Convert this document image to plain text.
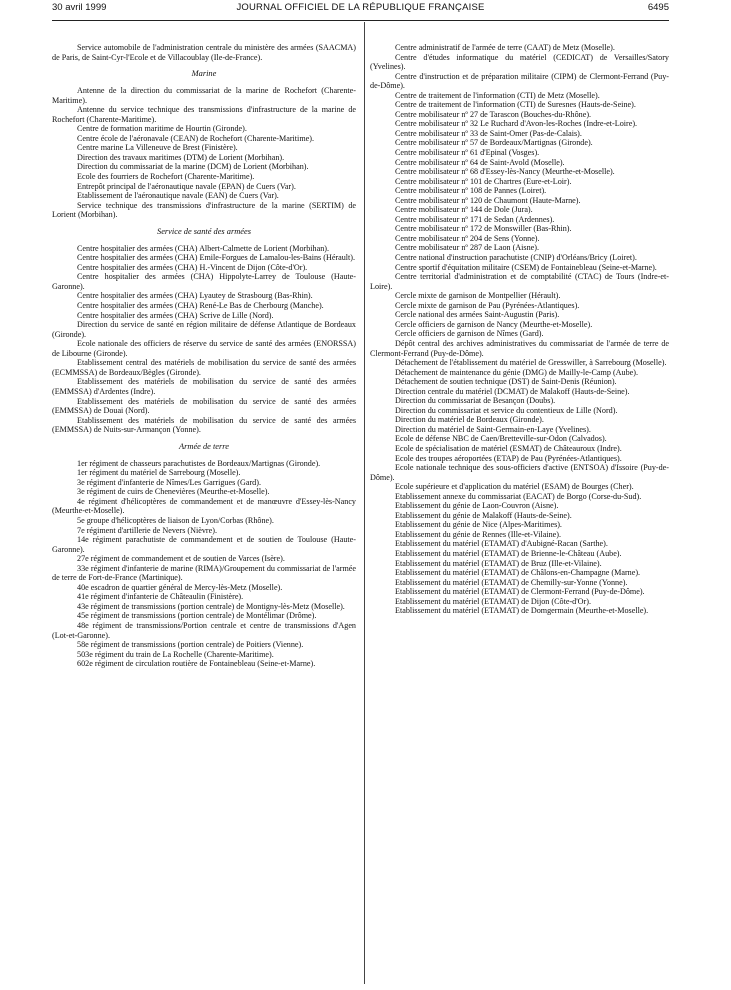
30 avril 1999	JOURNAL OFFICIEL DE LA RÉPUBLIQUE FRANÇAISE	6495

Service automobile de l'administration centrale du ministère des armées (SAACMA) de Paris, de Saint-Cyr-l'Ecole et de Villacoublay (Ile-de-France).

Marine

Antenne de la direction du commissariat de la marine de Rochefort (Charente-Maritime).

Antenne du service technique des transmissions d'infrastructure de la marine de Rochefort (Charente-Maritime).

Centre de formation maritime de Hourtin (Gironde).

Centre école de l'aéronavale (CEAN) de Rochefort (Charente-Maritime).

Centre marine La Villeneuve de Brest (Finistère).

Direction des travaux maritimes (DTM) de Lorient (Morbihan).

Direction du commissariat de la marine (DCM) de Lorient (Morbihan).

Ecole des fourriers de Rochefort (Charente-Maritime).

Entrepôt principal de l'aéronautique navale (EPAN) de Cuers (Var).

Etablissement de l'aéronautique navale (EAN) de Cuers (Var).

Service technique des transmissions d'infrastructure de la marine (SERTIM) de Lorient (Morbihan).

Service de santé des armées

Centre hospitalier des armées (CHA) Albert-Calmette de Lorient (Morbihan).

Centre hospitalier des armées (CHA) Emile-Forgues de Lamalou-les-Bains (Hérault).

Centre hospitalier des armées (CHA) H.-Vincent de Dijon (Côte-d'Or).

Centre hospitalier des armées (CHA) Hippolyte-Larrey de Toulouse (Haute-Garonne).

Centre hospitalier des armées (CHA) Lyautey de Strasbourg (Bas-Rhin).

Centre hospitalier des armées (CHA) René-Le Bas de Cherbourg (Manche).

Centre hospitalier des armées (CHA) Scrive de Lille (Nord).

Direction du service de santé en région militaire de défense Atlantique de Bordeaux (Gironde).

Ecole nationale des officiers de réserve du service de santé des armées (ENORSSA) de Libourne (Gironde).

Etablissement central des matériels de mobilisation du service de santé des armées (ECMMSSA) de Bordeaux/Bègles (Gironde).

Etablissement des matériels de mobilisation du service de santé des armées (EMMSSA) d'Ardentes (Indre).

Etablissement des matériels de mobilisation du service de santé des armées (EMMSSA) de Douai (Nord).

Etablissement des matériels de mobilisation du service de santé des armées (EMMSSA) de Nuits-sur-Armançon (Yonne).

Armée de terre

1er régiment de chasseurs parachutistes de Bordeaux/Martignas (Gironde).

1er régiment du matériel de Sarrebourg (Moselle).

3e régiment d'infanterie de Nîmes/Les Garrigues (Gard).

3e régiment de cuirs de Chenevières (Meurthe-et-Moselle).

4e régiment d'hélicoptères de commandement et de manœuvre d'Essey-lès-Nancy (Meurthe-et-Moselle).

5e groupe d'hélicoptères de liaison de Lyon/Corbas (Rhône).

7e régiment d'artillerie de Nevers (Nièvre).

14e régiment parachutiste de commandement et de soutien de Toulouse (Haute-Garonne).

27e régiment de commandement et de soutien de Varces (Isère).

33e régiment d'infanterie de marine (RIMA)/Groupement du commissariat de l'armée de terre de Fort-de-France (Martinique).

40e escadron de quartier général de Mercy-lès-Metz (Moselle).

41e régiment d'infanterie de Châteaulin (Finistère).

43e régiment de transmissions (portion centrale) de Montigny-lès-Metz (Moselle).

45e régiment de transmissions (portion centrale) de Montélimar (Drôme).

48e régiment de transmissions/Portion centrale et centre de transmissions d'Agen (Lot-et-Garonne).

58e régiment de transmissions (portion centrale) de Poitiers (Vienne).

503e régiment du train de La Rochelle (Charente-Maritime).

602e régiment de circulation routière de Fontainebleau (Seine-et-Marne).

Centre administratif de l'armée de terre (CAAT) de Metz (Moselle).

Centre d'études informatique du matériel (CEDICAT) de Versailles/Satory (Yvelines).

Centre d'instruction et de préparation militaire (CIPM) de Clermont-Ferrand (Puy-de-Dôme).

Centre de traitement de l'information (CTI) de Metz (Moselle).

Centre de traitement de l'information (CTI) de Suresnes (Hauts-de-Seine).

Centre mobilisateur nº 27 de Tarascon (Bouches-du-Rhône).

Centre mobilisateur nº 32 Le Ruchard d'Avon-les-Roches (Indre-et-Loire).

Centre mobilisateur nº 33 de Saint-Omer (Pas-de-Calais).

Centre mobilisateur nº 57 de Bordeaux/Martignas (Gironde).

Centre mobilisateur nº 61 d'Epinal (Vosges).

Centre mobilisateur nº 64 de Saint-Avold (Moselle).

Centre mobilisateur nº 68 d'Essey-lès-Nancy (Meurthe-et-Moselle).

Centre mobilisateur nº 101 de Chartres (Eure-et-Loir).

Centre mobilisateur nº 108 de Pannes (Loiret).

Centre mobilisateur nº 120 de Chaumont (Haute-Marne).

Centre mobilisateur nº 144 de Dole (Jura).

Centre mobilisateur nº 171 de Sedan (Ardennes).

Centre mobilisateur nº 172 de Monswiller (Bas-Rhin).

Centre mobilisateur nº 204 de Sens (Yonne).

Centre mobilisateur nº 287 de Laon (Aisne).

Centre national d'instruction parachutiste (CNIP) d'Orléans/Bricy (Loiret).

Centre sportif d'équitation militaire (CSEM) de Fontainebleau (Seine-et-Marne).

Centre territorial d'administration et de comptabilité (CTAC) de Tours (Indre-et-Loire).

Cercle mixte de garnison de Montpellier (Hérault).

Cercle mixte de garnison de Pau (Pyrénées-Atlantiques).

Cercle national des armées Saint-Augustin (Paris).

Cercle officiers de garnison de Nancy (Meurthe-et-Moselle).

Cercle officiers de garnison de Nîmes (Gard).

Dépôt central des archives administratives du commissariat de l'armée de terre de Clermont-Ferrand (Puy-de-Dôme).

Détachement de l'établissement du matériel de Gresswiller, à Sarrebourg (Moselle).

Détachement de maintenance du génie (DMG) de Mailly-le-Camp (Aube).

Détachement de soutien technique (DST) de Saint-Denis (Réunion).

Direction centrale du matériel (DCMAT) de Malakoff (Hauts-de-Seine).

Direction du commissariat de Besançon (Doubs).

Direction du commissariat et service du contentieux de Lille (Nord).

Direction du matériel de Bordeaux (Gironde).

Direction du matériel de Saint-Germain-en-Laye (Yvelines).

Ecole de défense NBC de Caen/Bretteville-sur-Odon (Calvados).

Ecole de spécialisation de matériel (ESMAT) de Châteauroux (Indre).

Ecole des troupes aéroportées (ETAP) de Pau (Pyrénées-Atlantiques).

Ecole nationale technique des sous-officiers d'active (ENTSOA) d'Issoire (Puy-de-Dôme).

Ecole supérieure et d'application du matériel (ESAM) de Bourges (Cher).

Etablissement annexe du commissariat (EACAT) de Borgo (Corse-du-Sud).

Etablissement du génie de Laon-Couvron (Aisne).

Etablissement du génie de Malakoff (Hauts-de-Seine).

Etablissement du génie de Nice (Alpes-Maritimes).

Etablissement du génie de Rennes (Ille-et-Vilaine).

Etablissement du matériel (ETAMAT) d'Aubigné-Racan (Sarthe).

Etablissement du matériel (ETAMAT) de Brienne-le-Château (Aube).

Etablissement du matériel (ETAMAT) de Bruz (Ille-et-Vilaine).

Etablissement du matériel (ETAMAT) de Châlons-en-Champagne (Marne).

Etablissement du matériel (ETAMAT) de Chemilly-sur-Yonne (Yonne).

Etablissement du matériel (ETAMAT) de Clermont-Ferrand (Puy-de-Dôme).

Etablissement du matériel (ETAMAT) de Dijon (Côte-d'Or).

Etablissement du matériel (ETAMAT) de Domgermain (Meurthe-et-Moselle).
